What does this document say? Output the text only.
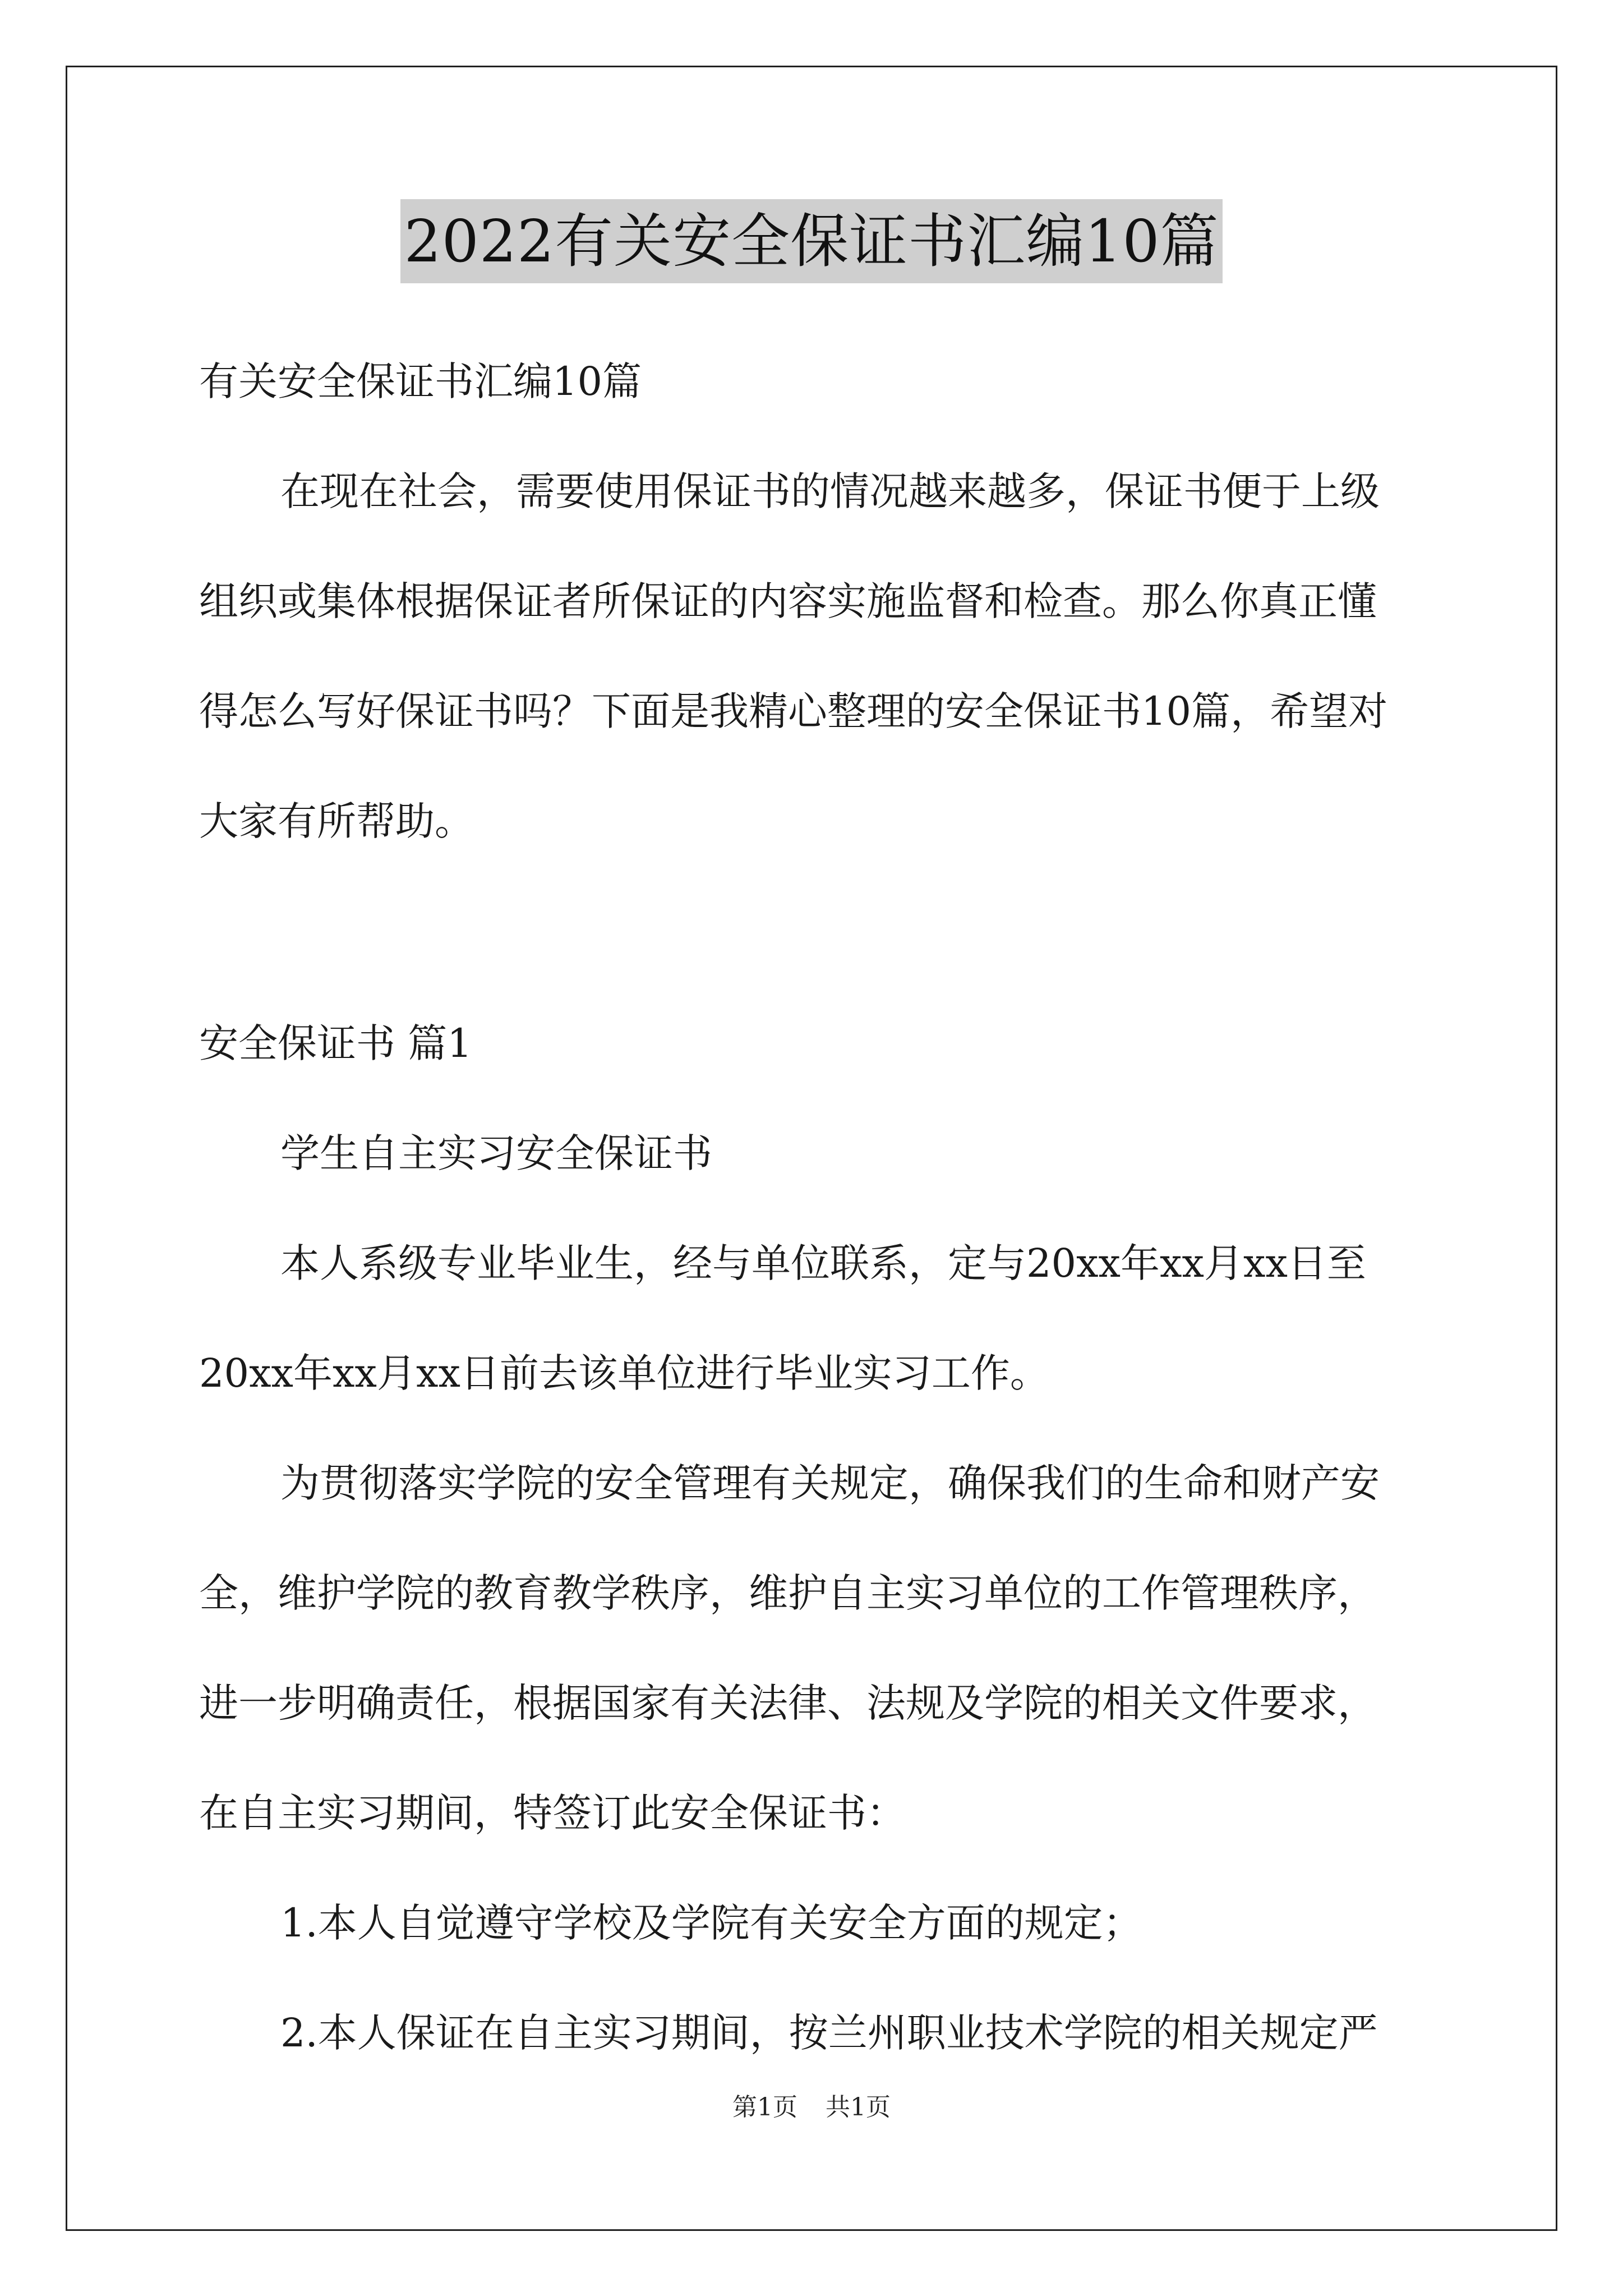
2022有关安全保证书汇编10篇
有关安全保证书汇编10篇
在现在社会，需要使用保证书的情况越来越多，保证书便于上级
组织或集体根据保证者所保证的内容实施监督和检查。那么你真正懂
得怎么写好保证书吗？下面是我精心整理的安全保证书10篇，希望对
大家有所帮助。
安全保证书 篇1
学生自主实习安全保证书
本人系级专业毕业生，经与单位联系，定与20xx年xx月xx日至
20xx年xx月xx日前去该单位进行毕业实习工作。
为贯彻落实学院的安全管理有关规定，确保我们的生命和财产安
全，维护学院的教育教学秩序，维护自主实习单位的工作管理秩序，
进一步明确责任，根据国家有关法律、法规及学院的相关文件要求，
在自主实习期间，特签订此安全保证书：
1.本人自觉遵守学校及学院有关安全方面的规定；
2.本人保证在自主实习期间，按兰州职业技术学院的相关规定严
第1页 共1页
